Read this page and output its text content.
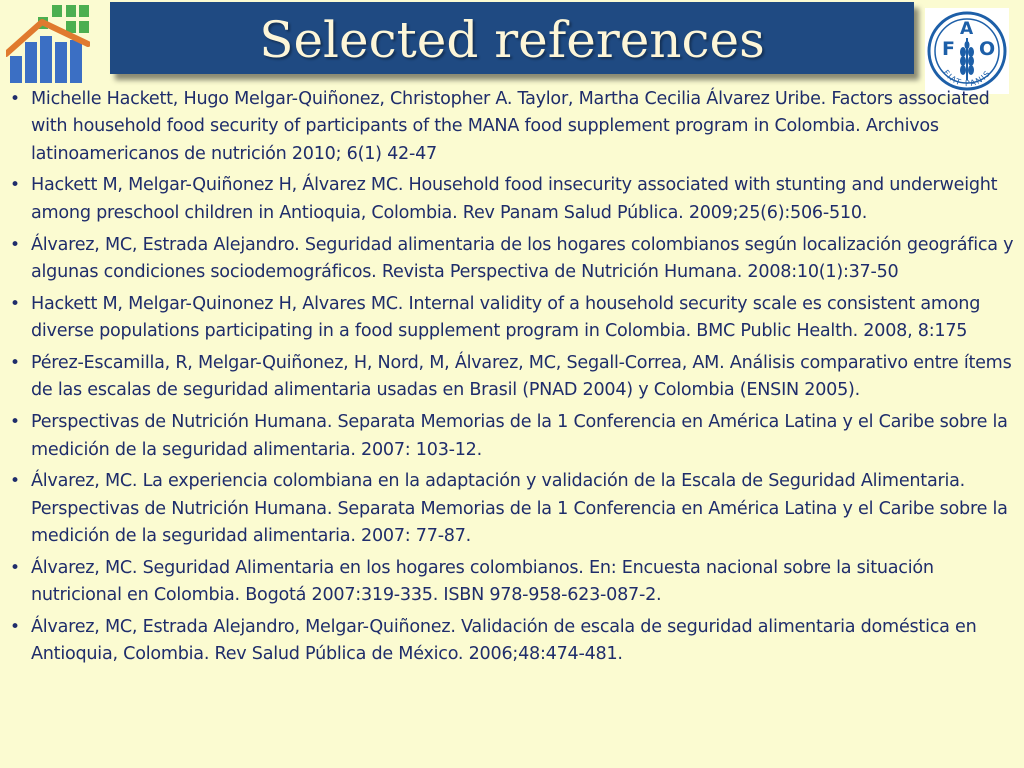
Selected references	F
A
O
FIAT PANIS
• Michelle Hackett, Hugo Melgar-Quiñonez, Christopher A. Taylor, Martha Cecilia Álvarez Uribe. Factors associated with household food security of participants of the MANA food supplement program in Colombia. Archivos latinoamericanos de nutrición 2010; 6(1) 42-47
• Hackett M, Melgar-Quiñonez H, Álvarez MC. Household food insecurity associated with stunting and underweight among preschool children in Antioquia, Colombia. Rev Panam Salud Pública. 2009;25(6):506-510.
• Álvarez, MC, Estrada Alejandro. Seguridad alimentaria de los hogares colombianos según localización geográfica y algunas condiciones sociodemográficos. Revista Perspectiva de Nutrición Humana. 2008:10(1):37-50
• Hackett M, Melgar-Quinonez H, Alvares MC. Internal validity of a household security scale es consistent among diverse populations participating in a food supplement program in Colombia. BMC Public Health. 2008, 8:175
• Pérez-Escamilla, R, Melgar-Quiñonez, H, Nord, M, Álvarez, MC, Segall-Correa, AM. Análisis comparativo entre ítems de las escalas de seguridad alimentaria usadas en Brasil (PNAD 2004) y Colombia (ENSIN 2005).
• Perspectivas de Nutrición Humana. Separata Memorias de la 1 Conferencia en América Latina y el Caribe sobre la medición de la seguridad alimentaria. 2007: 103-12.
• Álvarez, MC. La experiencia colombiana en la adaptación y validación de la Escala de Seguridad Alimentaria. Perspectivas de Nutrición Humana. Separata Memorias de la 1 Conferencia en América Latina y el Caribe sobre la medición de la seguridad alimentaria. 2007: 77-87.
• Álvarez, MC. Seguridad Alimentaria en los hogares colombianos. En: Encuesta nacional sobre la situación nutricional en Colombia. Bogotá 2007:319-335. ISBN 978-958-623-087-2.
• Álvarez, MC, Estrada Alejandro, Melgar-Quiñonez. Validación de escala de seguridad alimentaria doméstica en Antioquia, Colombia. Rev Salud Pública de México. 2006;48:474-481.
